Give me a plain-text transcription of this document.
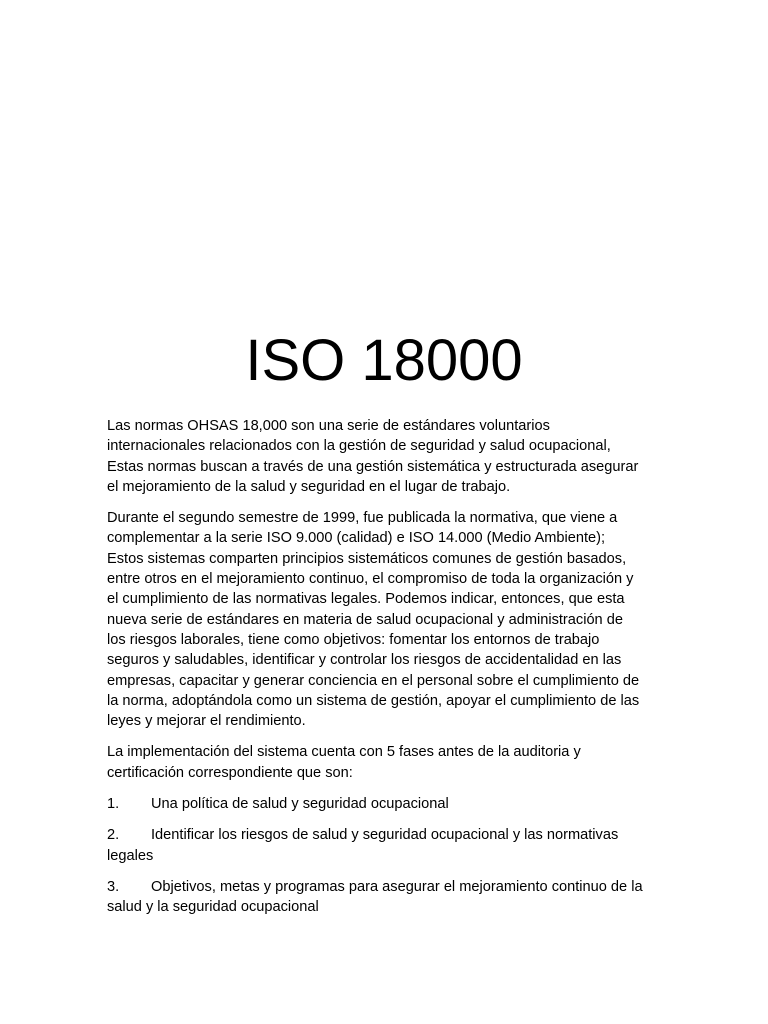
ISO 18000

Las normas OHSAS 18,000 son una serie de estándares voluntarios
internacionales relacionados con la gestión de seguridad y salud ocupacional,
Estas normas buscan a través de una gestión sistemática y estructurada asegurar
el mejoramiento de la salud y seguridad en el lugar de trabajo.

Durante el segundo semestre de 1999, fue publicada la normativa, que viene a
complementar a la serie ISO 9.000 (calidad) e ISO 14.000 (Medio Ambiente);
Estos sistemas comparten principios sistemáticos comunes de gestión basados,
entre otros en el mejoramiento continuo, el compromiso de toda la organización y
el cumplimiento de las normativas legales. Podemos indicar, entonces, que esta
nueva serie de estándares en materia de salud ocupacional y administración de
los riesgos laborales, tiene como objetivos: fomentar los entornos de trabajo
seguros y saludables, identificar y controlar los riesgos de accidentalidad en las
empresas, capacitar y generar conciencia en el personal sobre el cumplimiento de
la norma, adoptándola como un sistema de gestión, apoyar el cumplimiento de las
leyes y mejorar el rendimiento.

La implementación del sistema cuenta con 5 fases antes de la auditoria y
certificación correspondiente que son:

1. Una política de salud y seguridad ocupacional

2. Identificar los riesgos de salud y seguridad ocupacional y las normativas
legales

3. Objetivos, metas y programas para asegurar el mejoramiento continuo de la
salud y la seguridad ocupacional
